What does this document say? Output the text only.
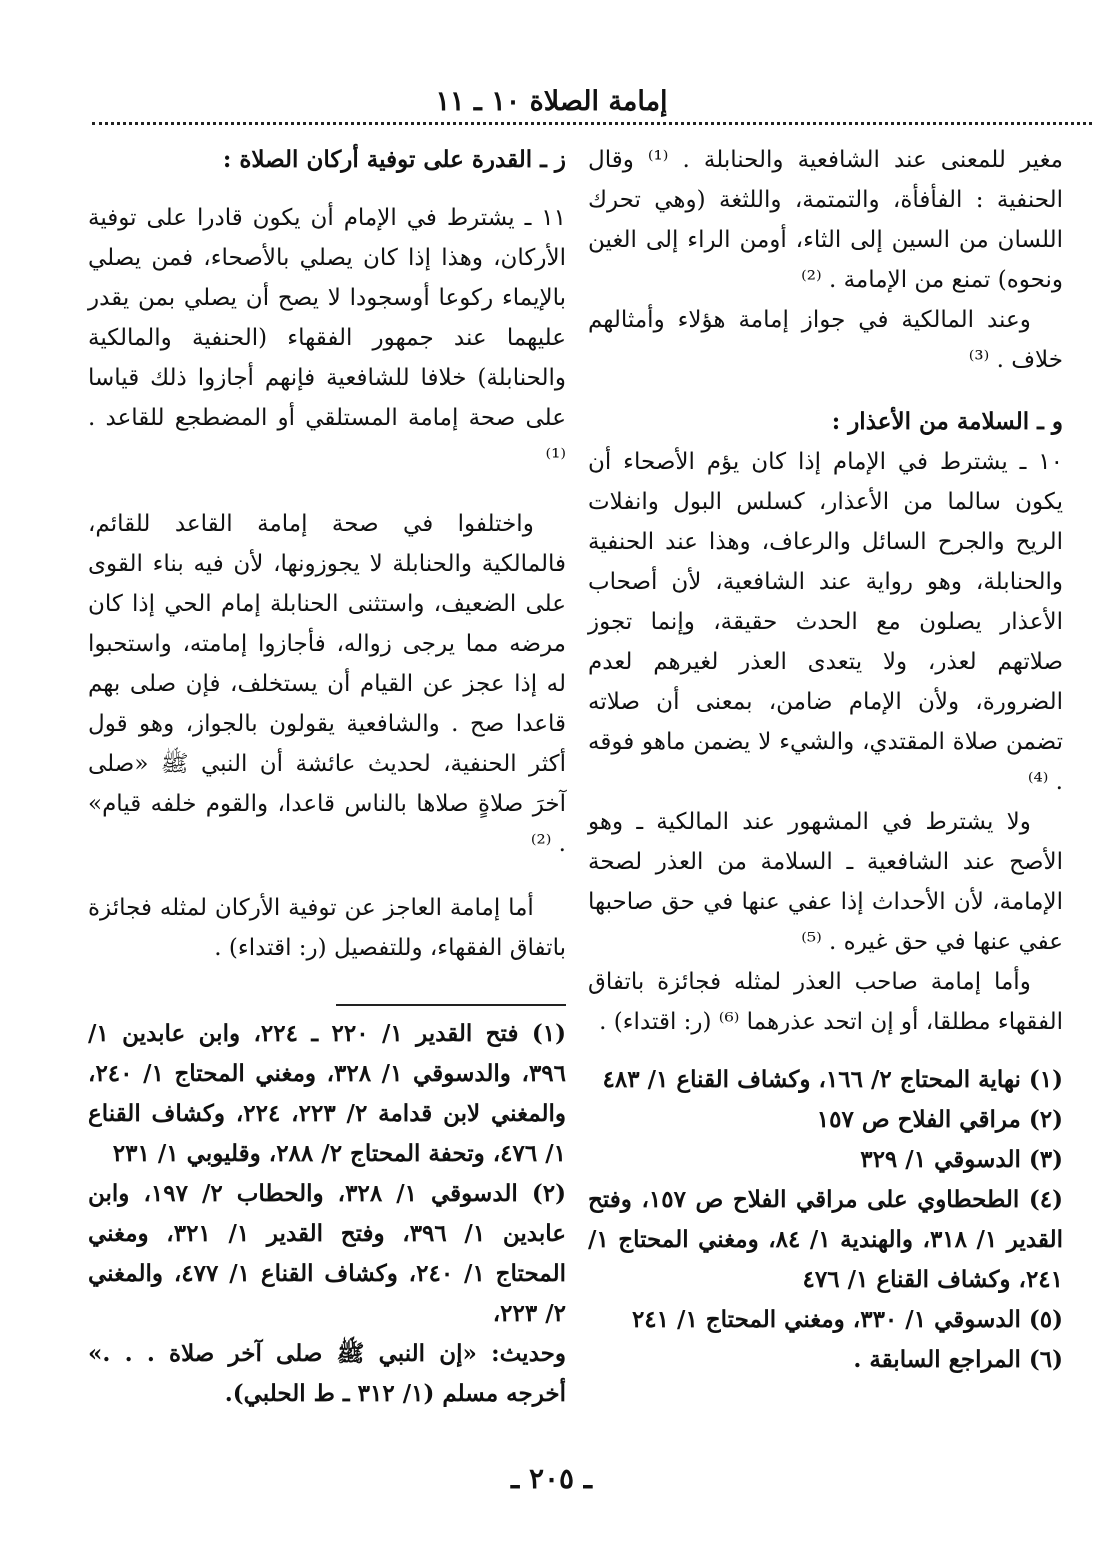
إمامة الصلاة ١٠ ـ ١١

مغير للمعنى عند الشافعية والحنابلة . ⁽¹⁾ وقال الحنفية : الفأفأة، والتمتمة، واللثغة (وهي تحرك اللسان من السين إلى الثاء، أومن الراء إلى الغين ونحوه) تمنع من الإمامة . ⁽²⁾

وعند المالكية في جواز إمامة هؤلاء وأمثالهم خلاف . ⁽³⁾

و ـ السلامة من الأعذار :

١٠ ـ يشترط في الإمام إذا كان يؤم الأصحاء أن يكون سالما من الأعذار، كسلس البول وانفلات الريح والجرح السائل والرعاف، وهذا عند الحنفية والحنابلة، وهو رواية عند الشافعية، لأن أصحاب الأعذار يصلون مع الحدث حقيقة، وإنما تجوز صلاتهم لعذر، ولا يتعدى العذر لغيرهم لعدم الضرورة، ولأن الإمام ضامن، بمعنى أن صلاته تضمن صلاة المقتدي، والشيء لا يضمن ماهو فوقه . ⁽⁴⁾

ولا يشترط في المشهور عند المالكية ـ وهو الأصح عند الشافعية ـ السلامة من العذر لصحة الإمامة، لأن الأحداث إذا عفي عنها في حق صاحبها عفي عنها في حق غيره . ⁽⁵⁾

وأما إمامة صاحب العذر لمثله فجائزة باتفاق الفقهاء مطلقا، أو إن اتحد عذرهما ⁽⁶⁾ (ر: اقتداء) .

(١) نهاية المحتاج ٢/ ١٦٦، وكشاف القناع ١/ ٤٨٣

(٢) مراقي الفلاح ص ١٥٧

(٣) الدسوقي ١/ ٣٢٩

(٤) الطحطاوي على مراقي الفلاح ص ١٥٧، وفتح القدير ١/ ٣١٨، والهندية ١/ ٨٤، ومغني المحتاج ١/ ٢٤١، وكشاف القناع ١/ ٤٧٦

(٥) الدسوقي ١/ ٣٣٠، ومغني المحتاج ١/ ٢٤١

(٦) المراجع السابقة .

ز ـ القدرة على توفية أركان الصلاة :

١١ ـ يشترط في الإمام أن يكون قادرا على توفية الأركان، وهذا إذا كان يصلي بالأصحاء، فمن يصلي بالإيماء ركوعا أوسجودا لا يصح أن يصلي بمن يقدر عليهما عند جمهور الفقهاء (الحنفية والمالكية والحنابلة) خلافا للشافعية فإنهم أجازوا ذلك قياسا على صحة إمامة المستلقي أو المضطجع للقاعد . ⁽¹⁾

واختلفوا في صحة إمامة القاعد للقائم، فالمالكية والحنابلة لا يجوزونها، لأن فيه بناء القوى على الضعيف، واستثنى الحنابلة إمام الحي إذا كان مرضه مما يرجى زواله، فأجازوا إمامته، واستحبوا له إذا عجز عن القيام أن يستخلف، فإن صلى بهم قاعدا صح . والشافعية يقولون بالجواز، وهو قول أكثر الحنفية، لحديث عائشة أن النبي ﷺ «صلى آخرَ صلاةٍ صلاها بالناس قاعدا، والقوم خلفه قيام» . ⁽²⁾

أما إمامة العاجز عن توفية الأركان لمثله فجائزة باتفاق الفقهاء، وللتفصيل (ر: اقتداء) .

(١) فتح القدير ١/ ٢٢٠ ـ ٢٢٤، وابن عابدين ١/ ٣٩٦، والدسوقي ١/ ٣٢٨، ومغني المحتاج ١/ ٢٤٠، والمغني لابن قدامة ٢/ ٢٢٣، ٢٢٤، وكشاف القناع ١/ ٤٧٦، وتحفة المحتاج ٢/ ٢٨٨، وقليوبي ١/ ٢٣١

(٢) الدسوقي ١/ ٣٢٨، والحطاب ٢/ ١٩٧، وابن عابدين ١/ ٣٩٦، وفتح القدير ١/ ٣٢١، ومغني المحتاج ١/ ٢٤٠، وكشاف القناع ١/ ٤٧٧، والمغني ٢/ ٢٢٣،

وحديث: «إن النبي ﷺ صلى آخر صلاة . . .» أخرجه مسلم (١/ ٣١٢ ـ ط الحلبي).

ـ ٢٠٥ ـ
